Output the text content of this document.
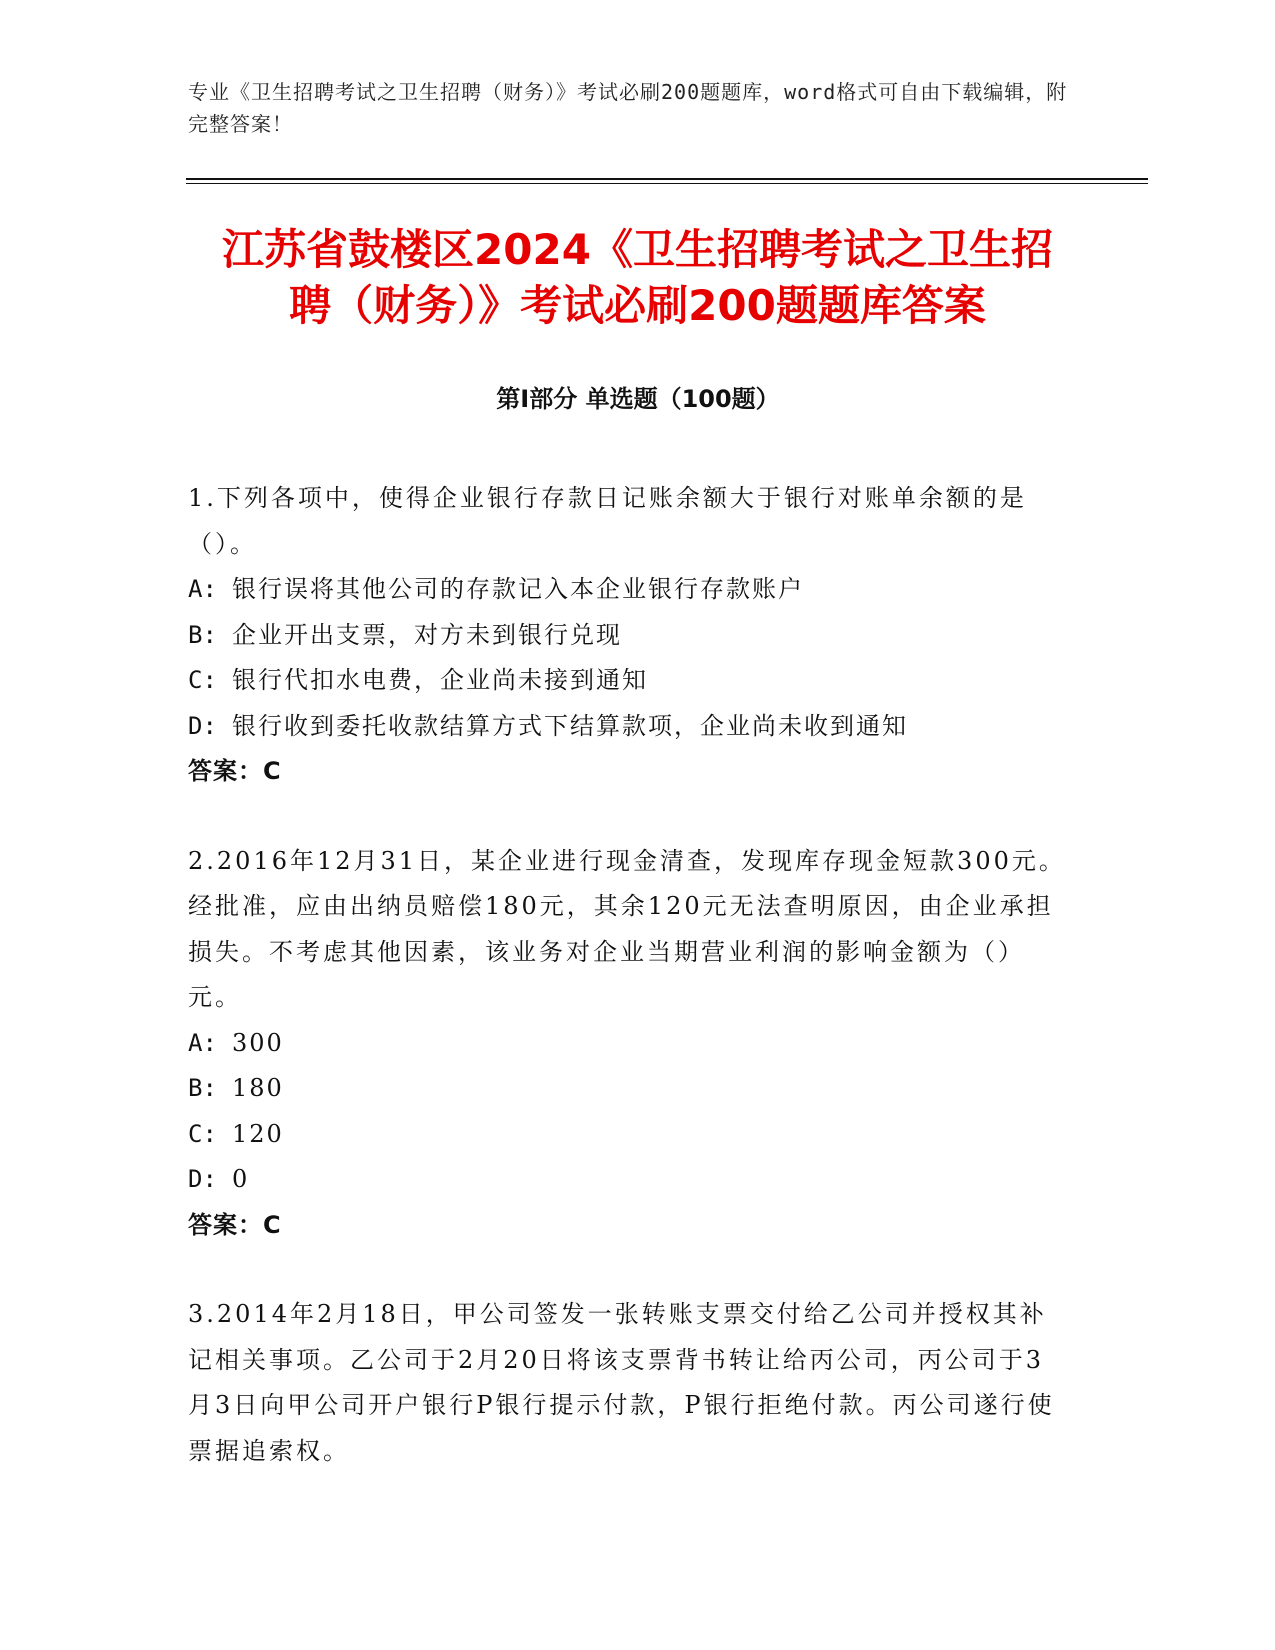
专业《卫生招聘考试之卫生招聘（财务）》考试必刷200题题库，word格式可自由下载编辑，附完整答案！
江苏省鼓楼区2024《卫生招聘考试之卫生招
聘（财务）》考试必刷200题题库答案
第Ⅰ部分 单选题（100题）

1.下列各项中，使得企业银行存款日记账余额大于银行对账单余额的是（）。

A: 银行误将其他公司的存款记入本企业银行存款账户

B: 企业开出支票，对方未到银行兑现

C: 银行代扣水电费，企业尚未接到通知

D: 银行收到委托收款结算方式下结算款项，企业尚未收到通知

答案：C

2.2016年12月31日，某企业进行现金清查，发现库存现金短款300元。经批准，应由出纳员赔偿180元，其余120元无法查明原因，由企业承担损失。不考虑其他因素，该业务对企业当期营业利润的影响金额为（）元。

A: 300

B: 180

C: 120

D: 0

答案：C

3.2014年2月18日，甲公司签发一张转账支票交付给乙公司并授权其补记相关事项。乙公司于2月20日将该支票背书转让给丙公司，丙公司于3月3日向甲公司开户银行P银行提示付款，P银行拒绝付款。丙公司遂行使票据追索权。
